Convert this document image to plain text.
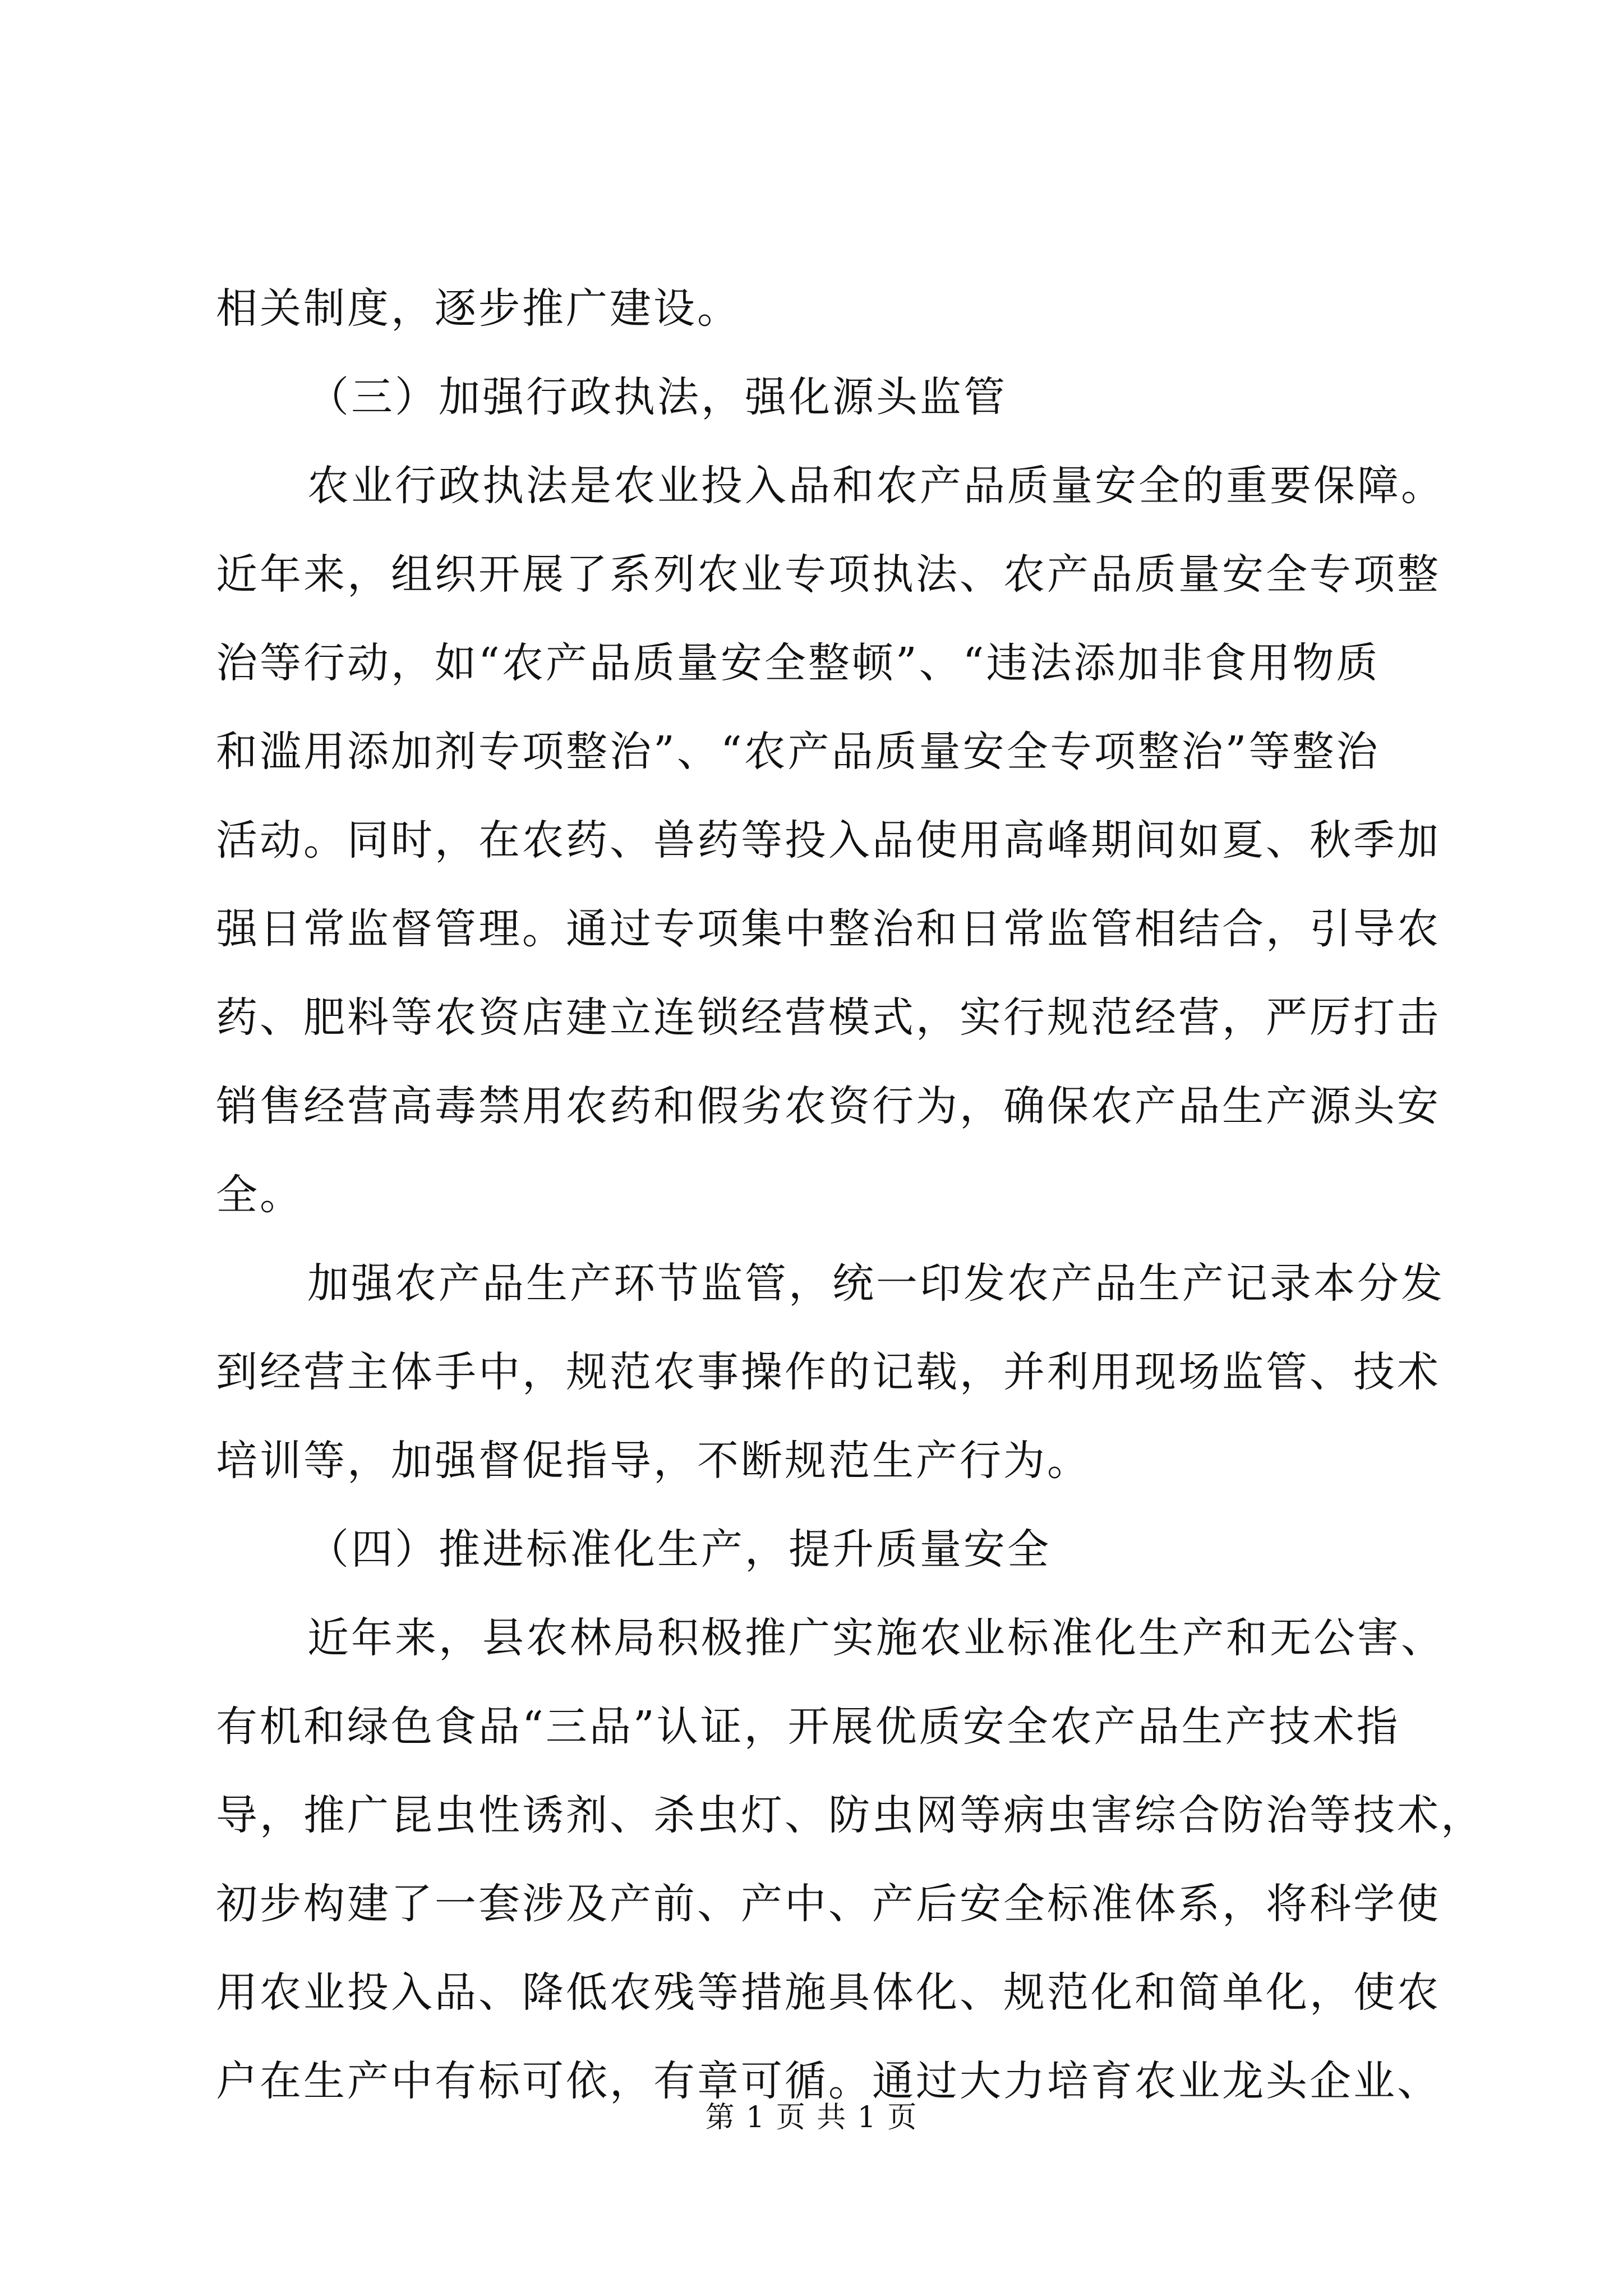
相关制度，逐步推广建设。
（三）加强行政执法，强化源头监管
农业行政执法是农业投入品和农产品质量安全的重要保障。
近年来，组织开展了系列农业专项执法、农产品质量安全专项整
治等行动，如“农产品质量安全整顿”、“违法添加非食用物质
和滥用添加剂专项整治”、“农产品质量安全专项整治”等整治
活动。同时，在农药、兽药等投入品使用高峰期间如夏、秋季加
强日常监督管理。通过专项集中整治和日常监管相结合，引导农
药、肥料等农资店建立连锁经营模式，实行规范经营，严厉打击
销售经营高毒禁用农药和假劣农资行为，确保农产品生产源头安
全。
加强农产品生产环节监管，统一印发农产品生产记录本分发
到经营主体手中，规范农事操作的记载，并利用现场监管、技术
培训等，加强督促指导，不断规范生产行为。
（四）推进标准化生产，提升质量安全
近年来，县农林局积极推广实施农业标准化生产和无公害、
有机和绿色食品“三品”认证，开展优质安全农产品生产技术指
导，推广昆虫性诱剂、杀虫灯、防虫网等病虫害综合防治等技术，
初步构建了一套涉及产前、产中、产后安全标准体系，将科学使
用农业投入品、降低农残等措施具体化、规范化和简单化，使农
户在生产中有标可依，有章可循。通过大力培育农业龙头企业、
第 1 页 共 1 页
